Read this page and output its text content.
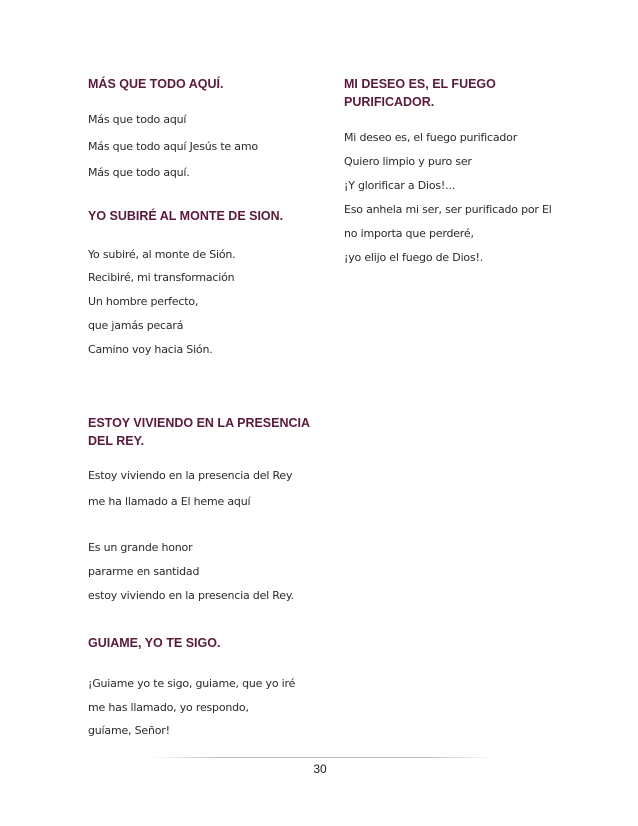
MÁS QUE TODO AQUÍ.

Más que todo aquí

Más que todo aquí Jesús te amo

Más que todo aquí.

YO SUBIRÉ AL MONTE DE SION.

Yo subiré, al monte de Sión.

Recibiré, mi transformación

Un hombre perfecto,

que jamás pecará

Camino voy hacia Sión.

ESTOY VIVIENDO EN LA PRESENCIA
DEL REY.

Estoy viviendo en la presencia del Rey

me ha llamado a El heme aquí

Es un grande honor

pararme en santidad

estoy viviendo en la presencia del Rey.

GUIAME, YO TE SIGO.

¡Guiame yo te sigo, guiame, que yo iré

me has llamado, yo respondo,

guíame, Señor!

MI DESEO ES, EL FUEGO
PURIFICADOR.

Mi deseo es, el fuego purificador

Quiero limpio y puro ser

¡Y glorificar a Dios!...

Eso anhela mi ser, ser purificado por El

no importa que perderé,

¡yo elijo el fuego de Dios!.

30
